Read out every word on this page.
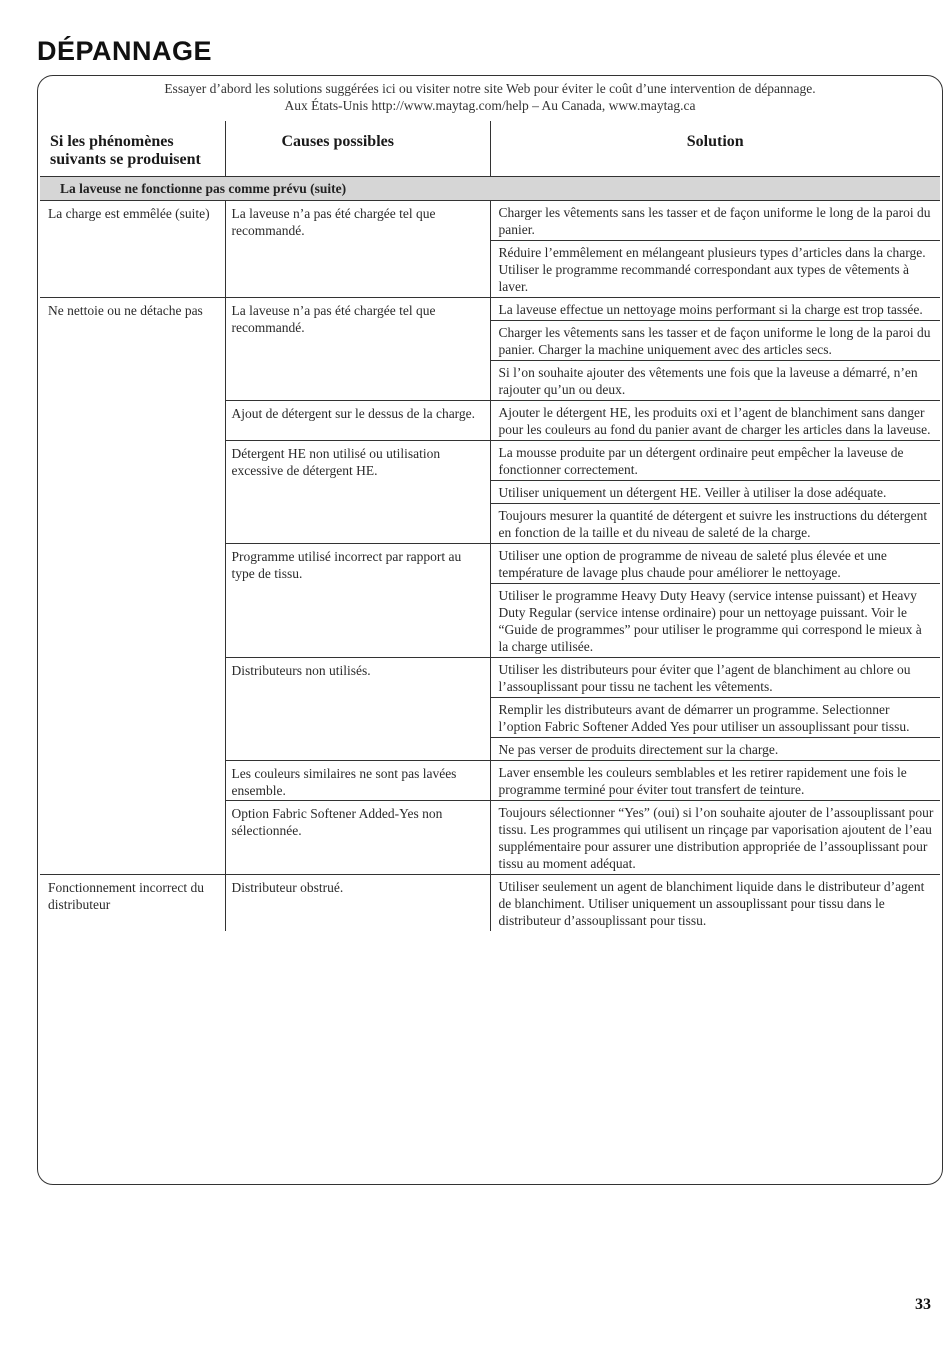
DÉPANNAGE
Essayer d’abord les solutions suggérées ici ou visiter notre site Web pour éviter le coût d’une intervention de dépannage.
Aux États-Unis http://www.maytag.com/help – Au Canada, www.maytag.ca
Si les phénomènes suivants se produisent	Causes possibles	Solution
La laveuse ne fonctionne pas comme prévu (suite)		
La charge est emmêlée (suite)	La laveuse n’a pas été chargée tel que recommandé.	Charger les vêtements sans les tasser et de façon uniforme le long de la paroi du panier.
		Réduire l’emmêlement en mélangeant plusieurs types d’articles dans la charge. Utiliser le programme recommandé correspondant aux types de vêtements à laver.
Ne nettoie ou ne détache pas	La laveuse n’a pas été chargée tel que recommandé.	La laveuse effectue un nettoyage moins performant si la charge est trop tassée.
		Charger les vêtements sans les tasser et de façon uniforme le long de la paroi du panier. Charger la machine uniquement avec des articles secs.
		Si l’on souhaite ajouter des vêtements une fois que la laveuse a démarré, n’en rajouter qu’un ou deux.
	Ajout de détergent sur le dessus de la charge.	Ajouter le détergent HE, les produits oxi et l’agent de blanchiment sans danger pour les couleurs au fond du panier avant de charger les articles dans la laveuse.
	Détergent HE non utilisé ou utilisation excessive de détergent HE.	La mousse produite par un détergent ordinaire peut empêcher la laveuse de fonctionner correctement.
		Utiliser uniquement un détergent HE. Veiller à utiliser la dose adéquate.
		Toujours mesurer la quantité de détergent et suivre les instructions du détergent en fonction de la taille et du niveau de saleté de la charge.
	Programme utilisé incorrect par rapport au type de tissu.	Utiliser une option de programme de niveau de saleté plus élevée et une température de lavage plus chaude pour améliorer le nettoyage.
		Utiliser le programme Heavy Duty Heavy (service intense puissant) et Heavy Duty Regular (service intense ordinaire) pour un nettoyage puissant. Voir le “Guide de programmes” pour utiliser le programme qui correspond le mieux à la charge utilisée.
	Distributeurs non utilisés.	Utiliser les distributeurs pour éviter que l’agent de blanchiment au chlore ou l’assouplissant pour tissu ne tachent les vêtements.
		Remplir les distributeurs avant de démarrer un programme. Selectionner l’option Fabric Softener Added Yes pour utiliser un assouplissant pour tissu.
		Ne pas verser de produits directement sur la charge.
	Les couleurs similaires ne sont pas lavées ensemble.	Laver ensemble les couleurs semblables et les retirer rapidement une fois le programme terminé pour éviter tout transfert de teinture.
	Option Fabric Softener Added-Yes non sélectionnée.	Toujours sélectionner “Yes” (oui) si l’on souhaite ajouter de l’assouplissant pour tissu. Les programmes qui utilisent un rinçage par vaporisation ajoutent de l’eau supplémentaire pour assurer une distribution appropriée de l’assouplissant pour tissu au moment adéquat.
Fonctionnement incorrect du distributeur	Distributeur obstrué.	Utiliser seulement un agent de blanchiment liquide dans le distributeur d’agent de blanchiment. Utiliser uniquement un assouplissant pour tissu dans le distributeur d’assouplissant pour tissu.
33
